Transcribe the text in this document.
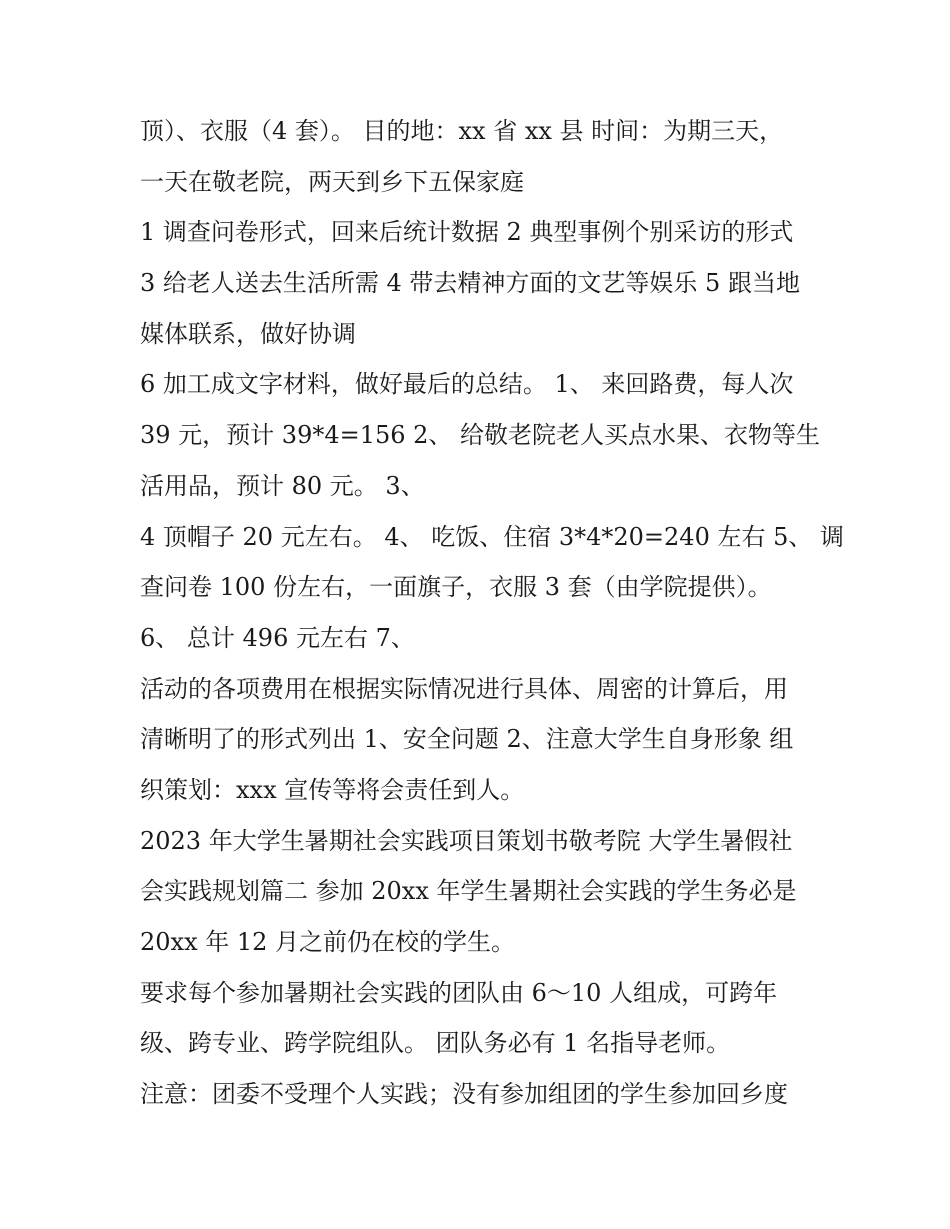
顶）、衣服（4 套）。 目的地：xx 省 xx 县 时间：为期三天，
一天在敬老院，两天到乡下五保家庭
1 调查问卷形式，回来后统计数据 2 典型事例个别采访的形式
3 给老人送去生活所需 4 带去精神方面的文艺等娱乐 5 跟当地
媒体联系，做好协调
6 加工成文字材料，做好最后的总结。 1、 来回路费，每人次
39 元，预计 39*4=156 2、 给敬老院老人买点水果、衣物等生
活用品，预计 80 元。 3、
4 顶帽子 20 元左右。 4、 吃饭、住宿 3*4*20=240 左右 5、 调
查问卷 100 份左右，一面旗子，衣服 3 套（由学院提供）。
6、 总计 496 元左右 7、
活动的各项费用在根据实际情况进行具体、周密的计算后，用
清晰明了的形式列出 1、安全问题 2、注意大学生自身形象 组
织策划：xxx 宣传等将会责任到人。
2023 年大学生暑期社会实践项目策划书敬考院 大学生暑假社
会实践规划篇二 参加 20xx 年学生暑期社会实践的学生务必是
20xx 年 12 月之前仍在校的学生。
要求每个参加暑期社会实践的团队由 6～10 人组成，可跨年
级、跨专业、跨学院组队。 团队务必有 1 名指导老师。
注意：团委不受理个人实践；没有参加组团的学生参加回乡度
